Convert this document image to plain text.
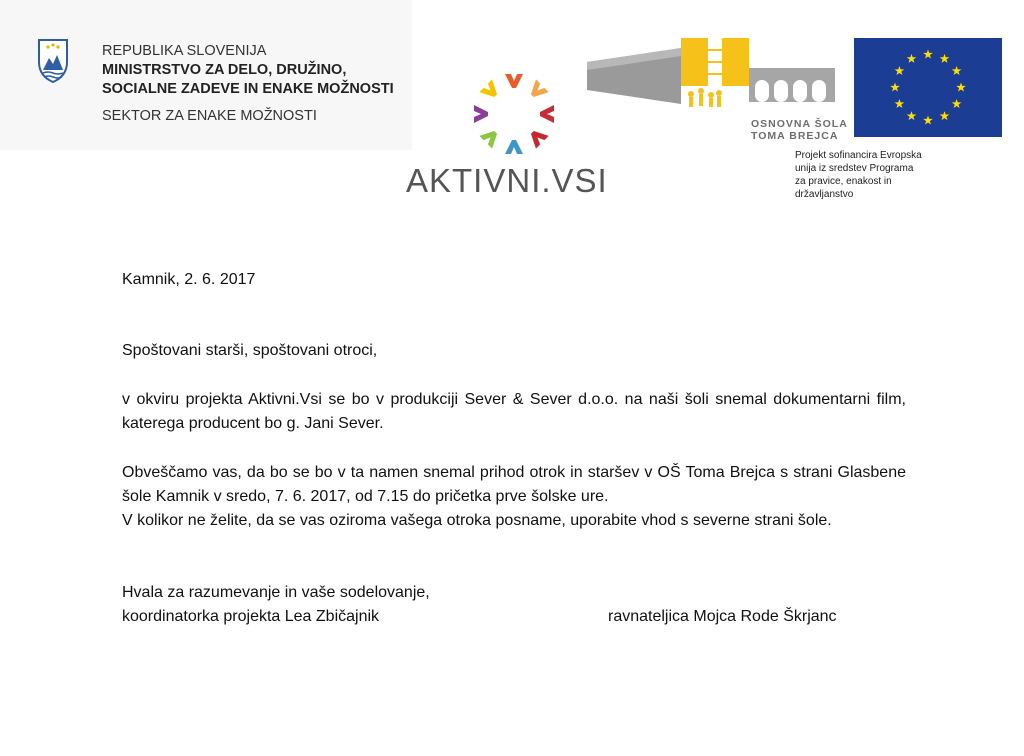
REPUBLIKA SLOVENIJA
MINISTRSTVO ZA DELO, DRUŽINO,
SOCIALNE ZADEVE IN ENAKE MOŽNOSTI
SEKTOR ZA ENAKE MOŽNOSTI
AKTIVNI.VSI
OSNOVNA ŠOLA
TOMA BREJCA
Projekt sofinancira Evropska unija iz sredstev Programa za pravice, enakost in državljanstvo

Kamnik, 2. 6. 2017

Spoštovani starši, spoštovani otroci,

v okviru projekta Aktivni.Vsi se bo v produkciji Sever & Sever d.o.o. na naši šoli snemal dokumentarni film, katerega producent bo g. Jani Sever.

Obveščamo vas, da bo se bo v ta namen snemal prihod otrok in staršev v OŠ Toma Brejca s strani Glasbene šole Kamnik v sredo, 7. 6. 2017, od 7.15 do pričetka prve šolske ure.

V kolikor ne želite, da se vas oziroma vašega otroka posname, uporabite vhod s severne strani šole.

Hvala za razumevanje in vaše sodelovanje,

koordinatorka projekta Lea Zbičajnik	ravnateljica Mojca Rode Škrjanc
